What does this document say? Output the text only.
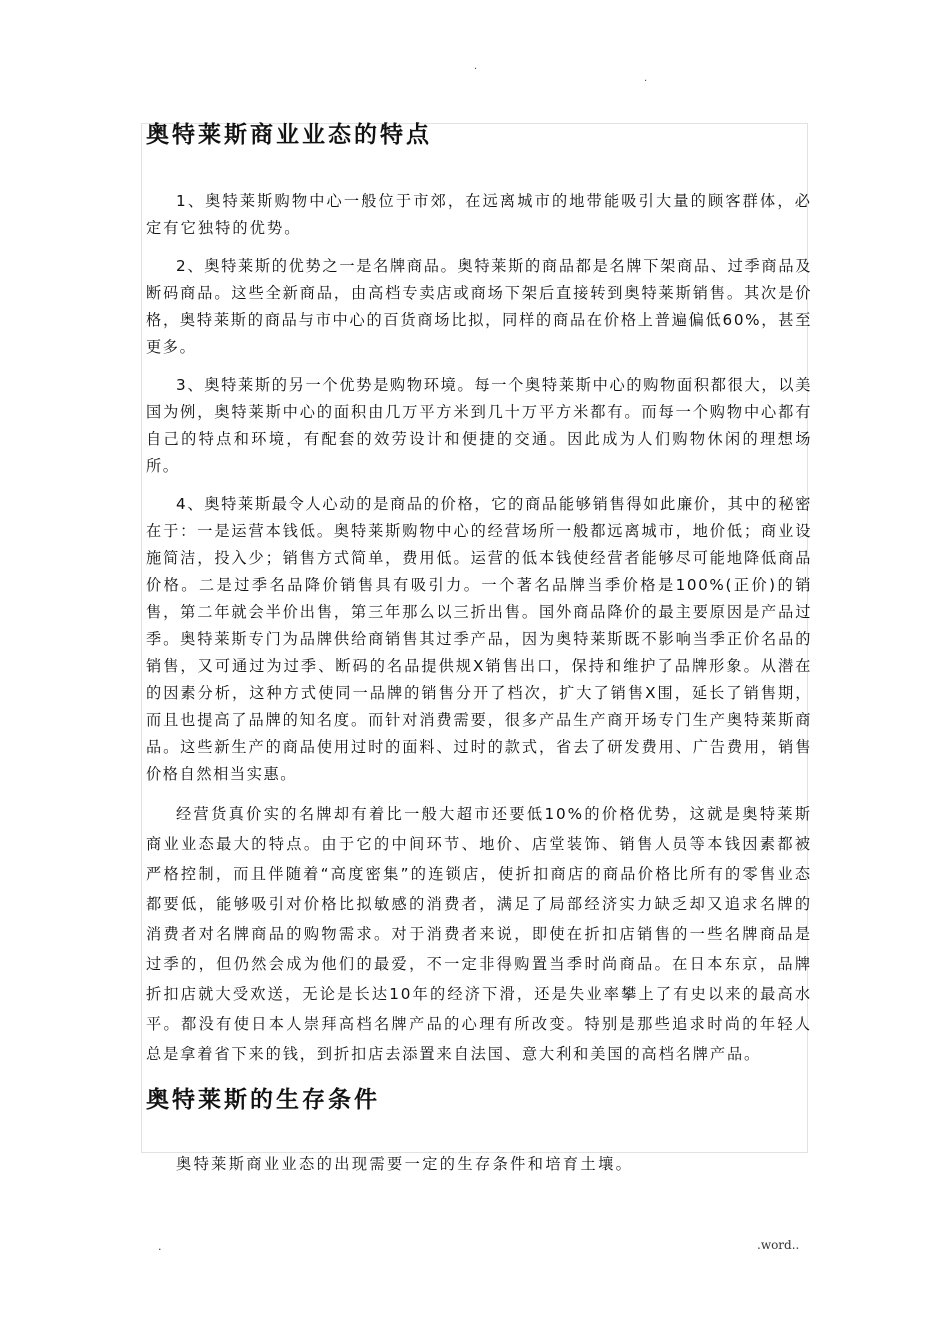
.
.
奥特莱斯商业业态的特点

1、奥特莱斯购物中心一般位于市郊，在远离城市的地带能吸引大量的顾客群体，必定有它独特的优势。

2、奥特莱斯的优势之一是名牌商品。奥特莱斯的商品都是名牌下架商品、过季商品及断码商品。这些全新商品，由高档专卖店或商场下架后直接转到奥特莱斯销售。其次是价格，奥特莱斯的商品与市中心的百货商场比拟，同样的商品在价格上普遍偏低60%，甚至更多。

3、奥特莱斯的另一个优势是购物环境。每一个奥特莱斯中心的购物面积都很大，以美国为例，奥特莱斯中心的面积由几万平方米到几十万平方米都有。而每一个购物中心都有自己的特点和环境，有配套的效劳设计和便捷的交通。因此成为人们购物休闲的理想场所。

4、奥特莱斯最令人心动的是商品的价格，它的商品能够销售得如此廉价，其中的秘密在于：一是运营本钱低。奥特莱斯购物中心的经营场所一般都远离城市，地价低；商业设施简洁，投入少；销售方式简单，费用低。运营的低本钱使经营者能够尽可能地降低商品价格。二是过季名品降价销售具有吸引力。一个著名品牌当季价格是100%(正价)的销售，第二年就会半价出售，第三年那么以三折出售。国外商品降价的最主要原因是产品过季。奥特莱斯专门为品牌供给商销售其过季产品，因为奥特莱斯既不影响当季正价名品的销售，又可通过为过季、断码的名品提供规X销售出口，保持和维护了品牌形象。从潜在的因素分析，这种方式使同一品牌的销售分开了档次，扩大了销售X围，延长了销售期，而且也提高了品牌的知名度。而针对消费需要，很多产品生产商开场专门生产奥特莱斯商品。这些新生产的商品使用过时的面料、过时的款式，省去了研发费用、广告费用，销售价格自然相当实惠。

经营货真价实的名牌却有着比一般大超市还要低10%的价格优势，这就是奥特莱斯商业业态最大的特点。由于它的中间环节、地价、店堂装饰、销售人员等本钱因素都被严格控制，而且伴随着“高度密集”的连锁店，使折扣商店的商品价格比所有的零售业态都要低，能够吸引对价格比拟敏感的消费者，满足了局部经济实力缺乏却又追求名牌的消费者对名牌商品的购物需求。对于消费者来说，即使在折扣店销售的一些名牌商品是过季的，但仍然会成为他们的最爱，不一定非得购置当季时尚商品。在日本东京，品牌折扣店就大受欢送，无论是长达10年的经济下滑，还是失业率攀上了有史以来的最高水平。都没有使日本人崇拜高档名牌产品的心理有所改变。特别是那些追求时尚的年轻人总是拿着省下来的钱，到折扣店去添置来自法国、意大利和美国的高档名牌产品。

奥特莱斯的生存条件

奥特莱斯商业业态的出现需要一定的生存条件和培育土壤。

.	.word..
